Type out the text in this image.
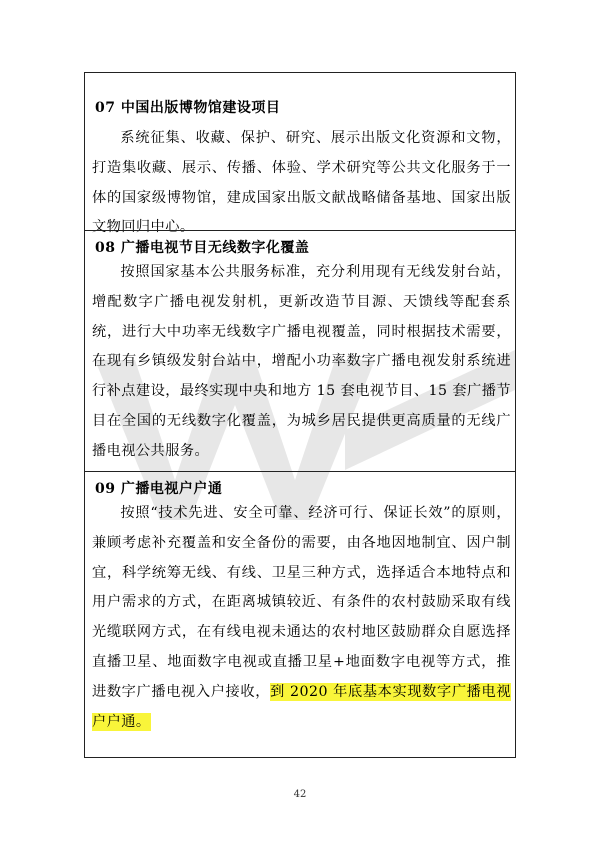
07 中国出版博物馆建设项目
系统征集、收藏、保护、研究、展示出版文化资源和文物，打造集收藏、展示、传播、体验、学术研究等公共文化服务于一体的国家级博物馆，建成国家出版文献战略储备基地、国家出版文物回归中心。
08 广播电视节目无线数字化覆盖
按照国家基本公共服务标准，充分利用现有无线发射台站，增配数字广播电视发射机，更新改造节目源、天馈线等配套系统，进行大中功率无线数字广播电视覆盖，同时根据技术需要，在现有乡镇级发射台站中，增配小功率数字广播电视发射系统进行补点建设，最终实现中央和地方 15 套电视节目、15 套广播节目在全国的无线数字化覆盖，为城乡居民提供更高质量的无线广播电视公共服务。
09 广播电视户户通
按照“技术先进、安全可靠、经济可行、保证长效”的原则，兼顾考虑补充覆盖和安全备份的需要，由各地因地制宜、因户制宜，科学统筹无线、有线、卫星三种方式，选择适合本地特点和用户需求的方式，在距离城镇较近、有条件的农村鼓励采取有线光缆联网方式，在有线电视未通达的农村地区鼓励群众自愿选择直播卫星、地面数字电视或直播卫星+地面数字电视等方式，推进数字广播电视入户接收，到 2020 年底基本实现数字广播电视户户通。
42
